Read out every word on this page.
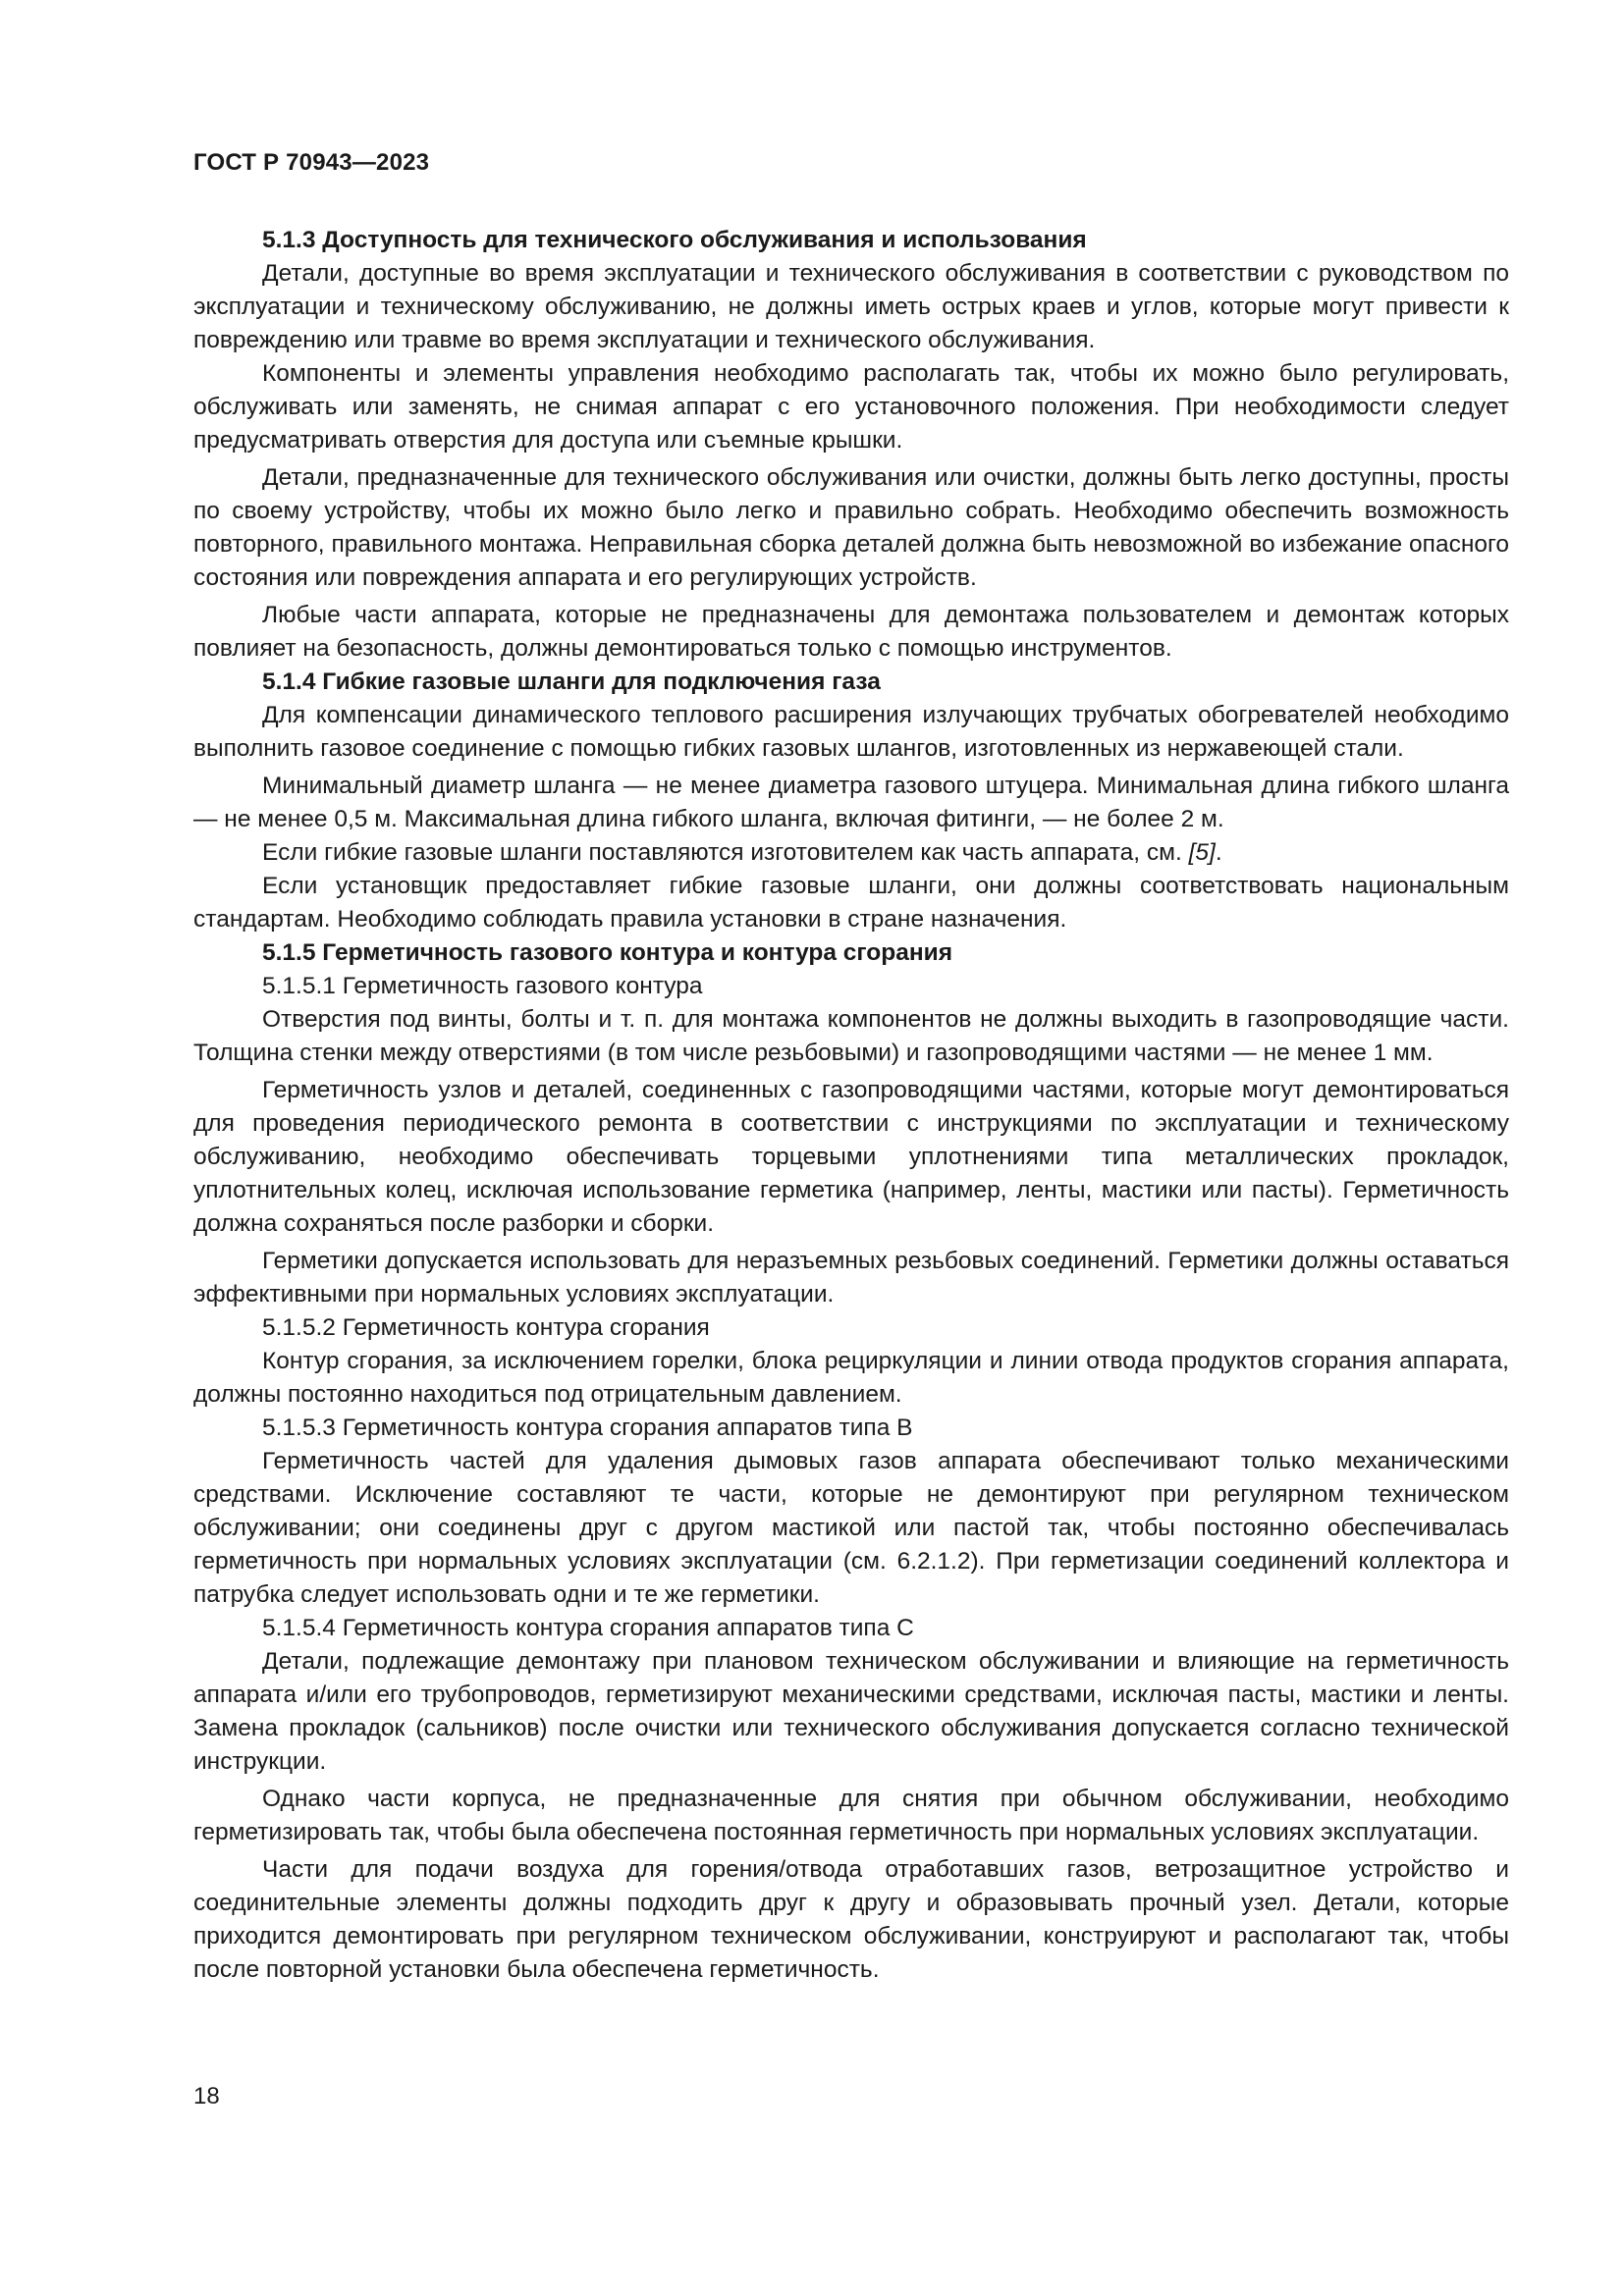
ГОСТ Р 70943—2023

5.1.3 Доступность для технического обслуживания и использования

Детали, доступные во время эксплуатации и технического обслуживания в соответствии с руководством по эксплуатации и техническому обслуживанию, не должны иметь острых краев и углов, которые могут привести к повреждению или травме во время эксплуатации и технического обслуживания.

Компоненты и элементы управления необходимо располагать так, чтобы их можно было регулировать, обслуживать или заменять, не снимая аппарат с его установочного положения. При необходимости следует предусматривать отверстия для доступа или съемные крышки.

Детали, предназначенные для технического обслуживания или очистки, должны быть легко доступны, просты по своему устройству, чтобы их можно было легко и правильно собрать. Необходимо обеспечить возможность повторного, правильного монтажа. Неправильная сборка деталей должна быть невозможной во избежание опасного состояния или повреждения аппарата и его регулирующих устройств.

Любые части аппарата, которые не предназначены для демонтажа пользователем и демонтаж которых повлияет на безопасность, должны демонтироваться только с помощью инструментов.

5.1.4 Гибкие газовые шланги для подключения газа

Для компенсации динамического теплового расширения излучающих трубчатых обогревателей необходимо выполнить газовое соединение с помощью гибких газовых шлангов, изготовленных из нержавеющей стали.

Минимальный диаметр шланга — не менее диаметра газового штуцера. Минимальная длина гибкого шланга — не менее 0,5 м. Максимальная длина гибкого шланга, включая фитинги, — не более 2 м.

Если гибкие газовые шланги поставляются изготовителем как часть аппарата, см. [5].

Если установщик предоставляет гибкие газовые шланги, они должны соответствовать национальным стандартам. Необходимо соблюдать правила установки в стране назначения.

5.1.5 Герметичность газового контура и контура сгорания

5.1.5.1 Герметичность газового контура

Отверстия под винты, болты и т. п. для монтажа компонентов не должны выходить в газопроводящие части. Толщина стенки между отверстиями (в том числе резьбовыми) и газопроводящими частями — не менее 1 мм.

Герметичность узлов и деталей, соединенных с газопроводящими частями, которые могут демонтироваться для проведения периодического ремонта в соответствии с инструкциями по эксплуатации и техническому обслуживанию, необходимо обеспечивать торцевыми уплотнениями типа металлических прокладок, уплотнительных колец, исключая использование герметика (например, ленты, мастики или пасты). Герметичность должна сохраняться после разборки и сборки.

Герметики допускается использовать для неразъемных резьбовых соединений. Герметики должны оставаться эффективными при нормальных условиях эксплуатации.

5.1.5.2 Герметичность контура сгорания

Контур сгорания, за исключением горелки, блока рециркуляции и линии отвода продуктов сгорания аппарата, должны постоянно находиться под отрицательным давлением.

5.1.5.3 Герметичность контура сгорания аппаратов типа B

Герметичность частей для удаления дымовых газов аппарата обеспечивают только механическими средствами. Исключение составляют те части, которые не демонтируют при регулярном техническом обслуживании; они соединены друг с другом мастикой или пастой так, чтобы постоянно обеспечивалась герметичность при нормальных условиях эксплуатации (см. 6.2.1.2). При герметизации соединений коллектора и патрубка следует использовать одни и те же герметики.

5.1.5.4 Герметичность контура сгорания аппаратов типа C

Детали, подлежащие демонтажу при плановом техническом обслуживании и влияющие на герметичность аппарата и/или его трубопроводов, герметизируют механическими средствами, исключая пасты, мастики и ленты. Замена прокладок (сальников) после очистки или технического обслуживания допускается согласно технической инструкции.

Однако части корпуса, не предназначенные для снятия при обычном обслуживании, необходимо герметизировать так, чтобы была обеспечена постоянная герметичность при нормальных условиях эксплуатации.

Части для подачи воздуха для горения/отвода отработавших газов, ветрозащитное устройство и соединительные элементы должны подходить друг к другу и образовывать прочный узел. Детали, которые приходится демонтировать при регулярном техническом обслуживании, конструируют и располагают так, чтобы после повторной установки была обеспечена герметичность.

18
